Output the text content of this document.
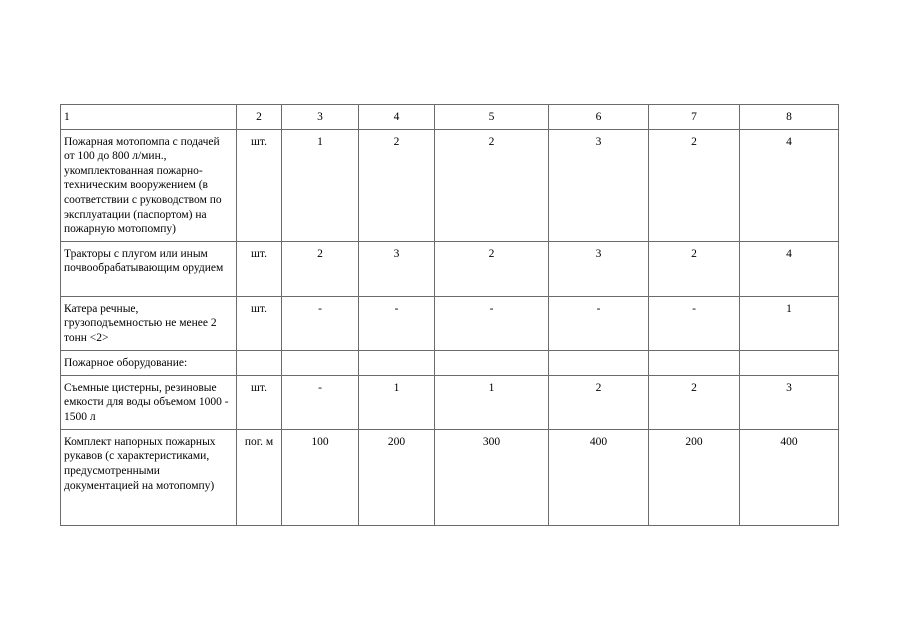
1	2	3	4	5	6	7	8
Пожарная мотопомпа с подачей от 100 до 800 л/мин., укомплектованная пожарно-техническим вооружением (в соответствии с руководством по эксплуатации (паспортом) на пожарную мотопомпу)	шт.	1	2	2	3	2	4
Тракторы с плугом или иным почвообрабатывающим орудием	шт.	2	3	2	3	2	4
Катера речные, грузоподъемностью не менее 2 тонн <2>	шт.	-	-	-	-	-	1
Пожарное оборудование:							
Съемные цистерны, резиновые емкости для воды объемом 1000 - 1500 л	шт.	-	1	1	2	2	3
Комплект напорных пожарных рукавов (с характеристиками, предусмотренными документацией на мотопомпу)	пог. м	100	200	300	400	200	400
